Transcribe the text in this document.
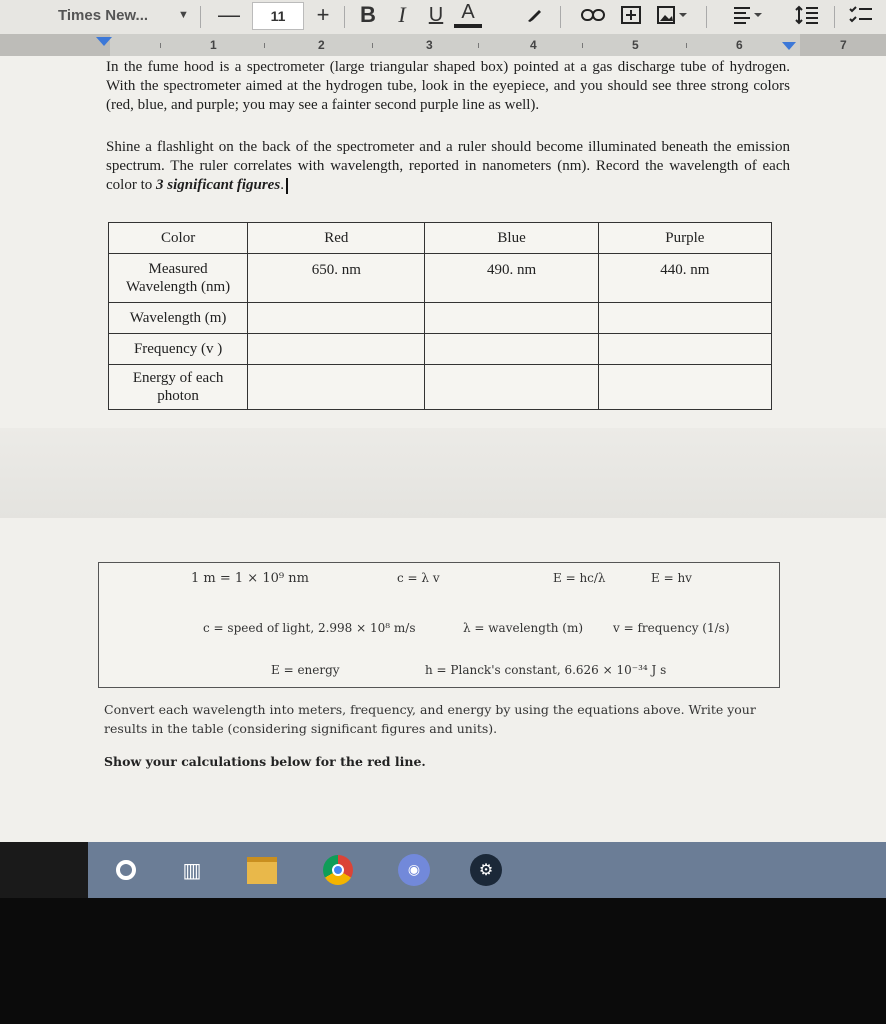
Times New...	▼ —	11	+	B	I	U A
1	2	3	4	5	6	7
In the fume hood is a spectrometer (large triangular shaped box) pointed at a gas discharge tube of hydrogen. With the spectrometer aimed at the hydrogen tube, look in the eyepiece, and you should see three strong colors (red, blue, and purple; you may see a fainter second purple line as well).
Shine a flashlight on the back of the spectrometer and a ruler should become illuminated beneath the emission spectrum. The ruler correlates with wavelength, reported in nanometers (nm). Record the wavelength of each color to 3 significant figures.
Color	Red	Blue	Purple
Measured Wavelength (nm)	650. nm	490. nm	440. nm
Wavelength (m)			
Frequency (v )			
Energy of each photon			
1 m = 1 × 10⁹ nm	c = λ v	E = hc/λ	E = hv
c = speed of light, 2.998 × 10⁸ m/s	λ = wavelength (m) v = frequency (1/s)
E = energy	h = Planck's constant, 6.626 × 10⁻³⁴ J s
Convert each wavelength into meters, frequency, and energy by using the equations above. Write your results in the table (considering significant figures and units).
Show your calculations below for the red line.
▥	◉	⚙
